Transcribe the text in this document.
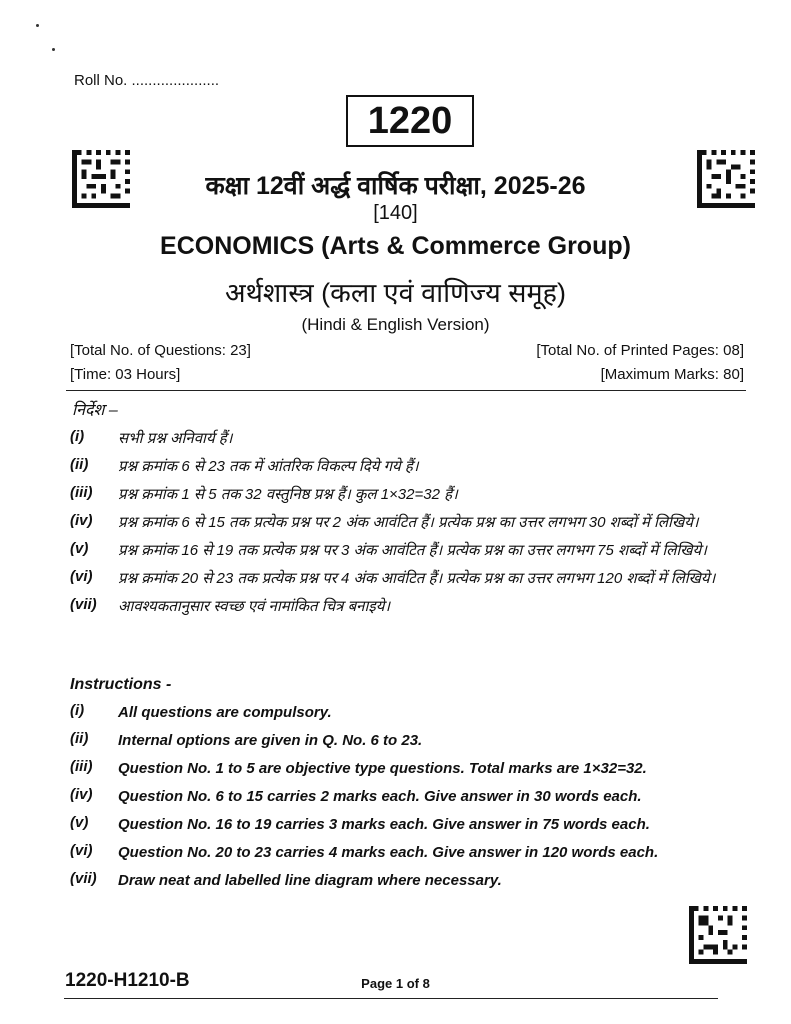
Roll No. .....................
1220
कक्षा 12वीं अर्द्ध वार्षिक परीक्षा, 2025-26
[140]
ECONOMICS (Arts & Commerce Group)
अर्थशास्त्र (कला एवं वाणिज्य समूह)
(Hindi & English Version)
[Total No. of Questions: 23]	[Total No. of Printed Pages: 08]
[Time: 03 Hours]	[Maximum Marks: 80]
निर्देश –
(i)	सभी प्रश्न अनिवार्य हैं।
(ii)	प्रश्न क्रमांक 6 से 23 तक में आंतरिक विकल्प दिये गये हैं।
(iii)	प्रश्न क्रमांक 1 से 5 तक 32 वस्तुनिष्ठ प्रश्न हैं। कुल 1×32=32 हैं।
(iv)	प्रश्न क्रमांक 6 से 15 तक प्रत्येक प्रश्न पर 2 अंक आवंटित हैं। प्रत्येक प्रश्न का उत्तर लगभग 30 शब्दों में लिखिये।
(v)	प्रश्न क्रमांक 16 से 19 तक प्रत्येक प्रश्न पर 3 अंक आवंटित हैं। प्रत्येक प्रश्न का उत्तर लगभग 75 शब्दों में लिखिये।
(vi)	प्रश्न क्रमांक 20 से 23 तक प्रत्येक प्रश्न पर 4 अंक आवंटित हैं। प्रत्येक प्रश्न का उत्तर लगभग 120 शब्दों में लिखिये।
(vii)	आवश्यकतानुसार स्वच्छ एवं नामांकित चित्र बनाइये।
Instructions -
(i)	All questions are compulsory.
(ii)	Internal options are given in Q. No. 6 to 23.
(iii)	Question No. 1 to 5 are objective type questions. Total marks are 1×32=32.
(iv)	Question No. 6 to 15 carries 2 marks each. Give answer in 30 words each.
(v)	Question No. 16 to 19 carries 3 marks each. Give answer in 75 words each.
(vi)	Question No. 20 to 23 carries 4 marks each. Give answer in 120 words each.
(vii)	Draw neat and labelled line diagram where necessary.
1220-H1210-B	Page 1 of 8
